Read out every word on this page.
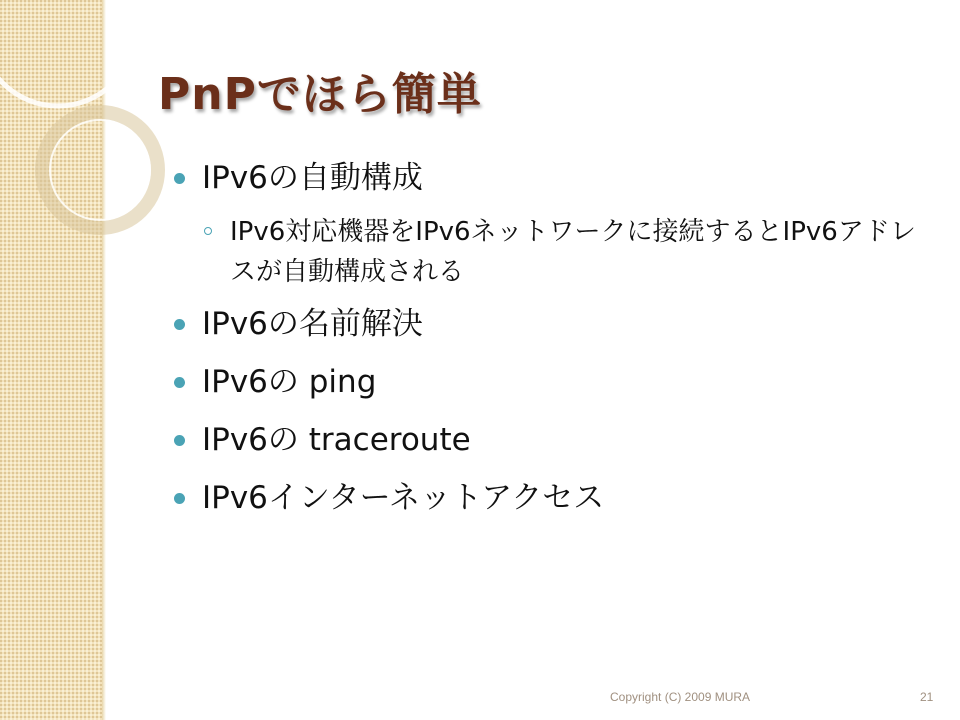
PnPでほら簡単
IPv6の自動構成
IPv6対応機器をIPv6ネットワークに接続するとIPv6アドレスが自動構成される
IPv6の名前解決
IPv6の ping
IPv6の traceroute
IPv6インターネットアクセス
Copyright (C) 2009 MURA	21
